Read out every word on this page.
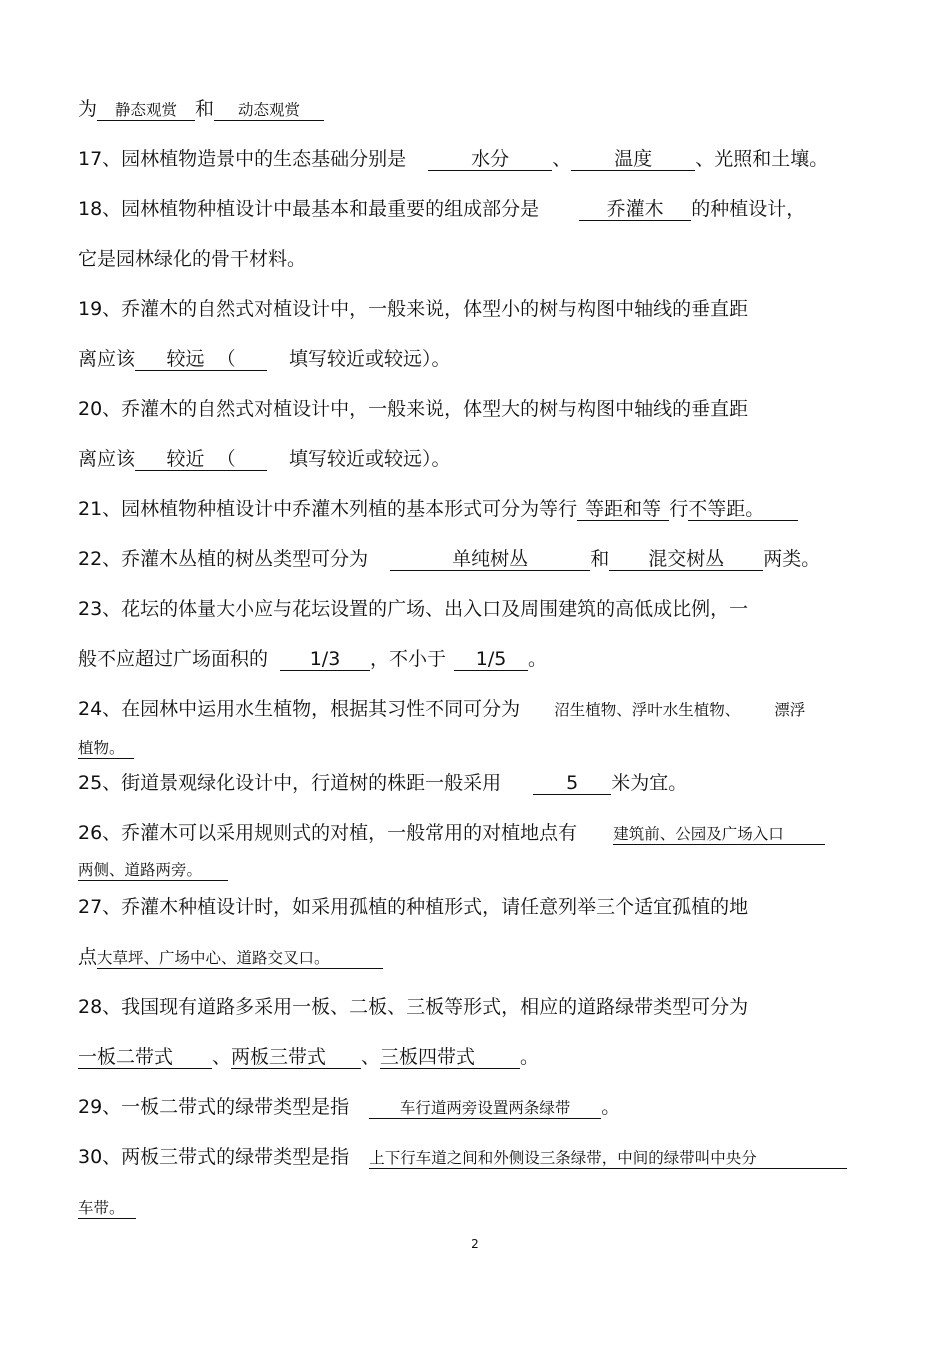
为 静态观赏 和 动态观赏
17、园林植物造景中的生态基础分别是	水分 、 温度 、光照和土壤。
18、园林植物种植设计中最基本和最重要的组成部分是	乔灌木 的种植设计，
它是园林绿化的骨干材料。
19、乔灌木的自然式对植设计中，一般来说，体型小的树与构图中轴线的垂直距
离应该 较远 （	填写较近或较远）。
20、乔灌木的自然式对植设计中，一般来说，体型大的树与构图中轴线的垂直距
离应该 较近 （	填写较近或较远）。
21、园林植物种植设计中乔灌木列植的基本形式可分为等行 等距和等 行不等距。
22、乔灌木丛植的树丛类型可分为	单纯树丛	和 混交树丛 两类。
23、花坛的体量大小应与花坛设置的广场、出入口及周围建筑的高低成比例，一
般不应超过广场面积的 1/3 ，不小于 1/5 。
24、在园林中运用水生植物，根据其习性不同可分为 沼生植物、浮叶水生植物、 漂浮
植物。
25、街道景观绿化设计中，行道树的株距一般采用	5 米为宜。
26、乔灌木可以采用规则式的对植，一般常用的对植地点有 建筑前、公园及广场入口
两侧、道路两旁。
27、乔灌木种植设计时，如采用孤植的种植形式，请任意列举三个适宜孤植的地
点大草坪、广场中心、道路交叉口。
28、我国现有道路多采用一板、二板、三板等形式，相应的道路绿带类型可分为
一板二带式 、两板三带式 、三板四带式 。
29、一板二带式的绿带类型是指	车行道两旁设置两条绿带 。
30、两板三带式的绿带类型是指 上下行车道之间和外侧设三条绿带，中间的绿带叫中央分
车带。
2
